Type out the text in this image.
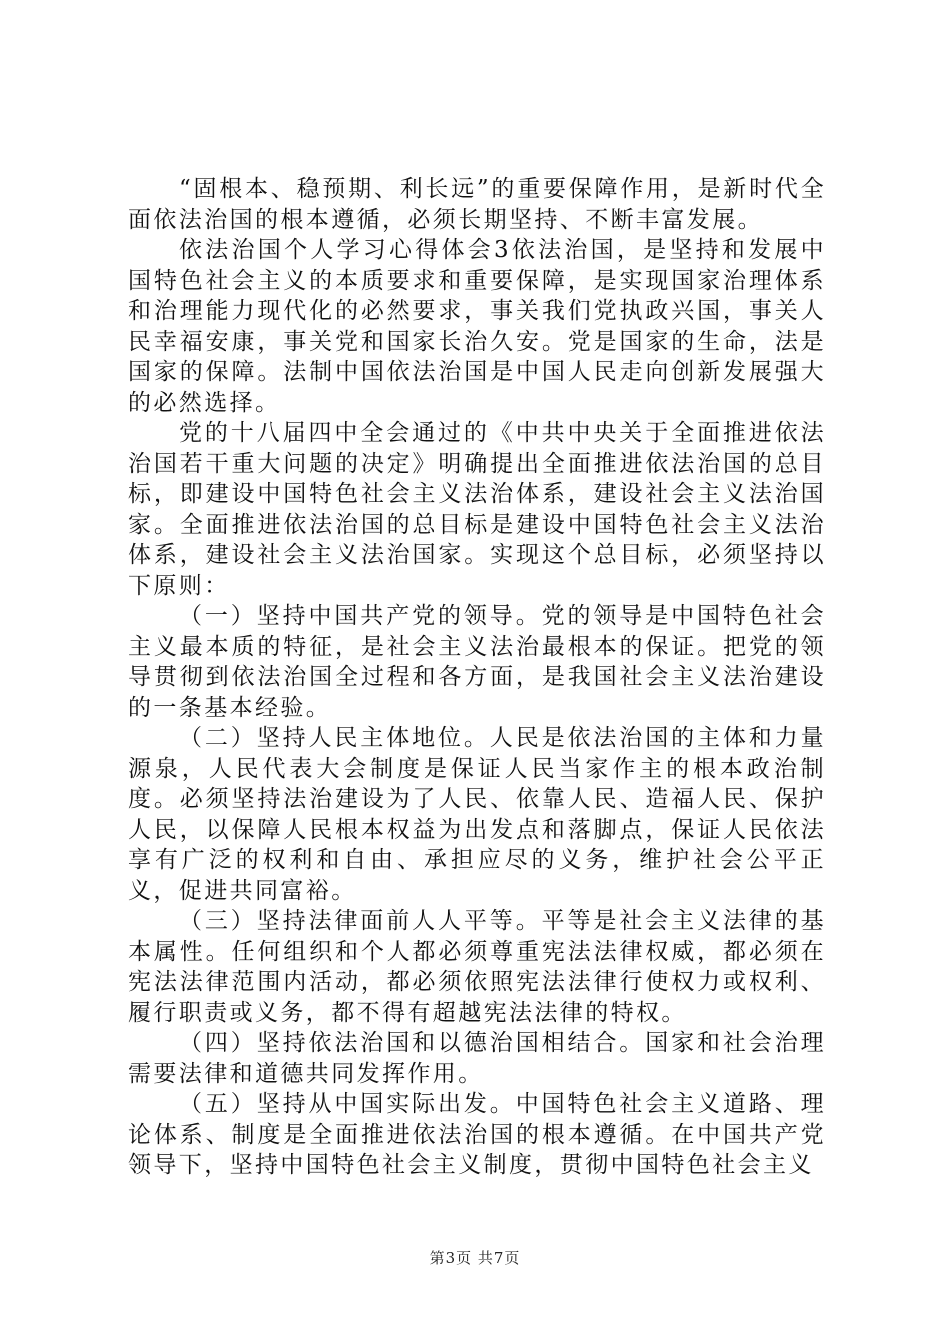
“固根本、稳预期、利长远”的重要保障作用，是新时代全面依法治国的根本遵循，必须长期坚持、不断丰富发展。

依法治国个人学习心得体会3依法治国，是坚持和发展中国特色社会主义的本质要求和重要保障，是实现国家治理体系和治理能力现代化的必然要求，事关我们党执政兴国，事关人民幸福安康，事关党和国家长治久安。党是国家的生命，法是国家的保障。法制中国依法治国是中国人民走向创新发展强大的必然选择。

党的十八届四中全会通过的《中共中央关于全面推进依法治国若干重大问题的决定》明确提出全面推进依法治国的总目标，即建设中国特色社会主义法治体系，建设社会主义法治国家。全面推进依法治国的总目标是建设中国特色社会主义法治体系，建设社会主义法治国家。实现这个总目标，必须坚持以下原则：

（一）坚持中国共产党的领导。党的领导是中国特色社会主义最本质的特征，是社会主义法治最根本的保证。把党的领导贯彻到依法治国全过程和各方面，是我国社会主义法治建设的一条基本经验。

（二）坚持人民主体地位。人民是依法治国的主体和力量源泉，人民代表大会制度是保证人民当家作主的根本政治制度。必须坚持法治建设为了人民、依靠人民、造福人民、保护人民，以保障人民根本权益为出发点和落脚点，保证人民依法享有广泛的权利和自由、承担应尽的义务，维护社会公平正义，促进共同富裕。

（三）坚持法律面前人人平等。平等是社会主义法律的基本属性。任何组织和个人都必须尊重宪法法律权威，都必须在宪法法律范围内活动，都必须依照宪法法律行使权力或权利、履行职责或义务，都不得有超越宪法法律的特权。

（四）坚持依法治国和以德治国相结合。国家和社会治理需要法律和道德共同发挥作用。

（五）坚持从中国实际出发。中国特色社会主义道路、理论体系、制度是全面推进依法治国的根本遵循。在中国共产党领导下，坚持中国特色社会主义制度，贯彻中国特色社会主义

第3页 共7页
